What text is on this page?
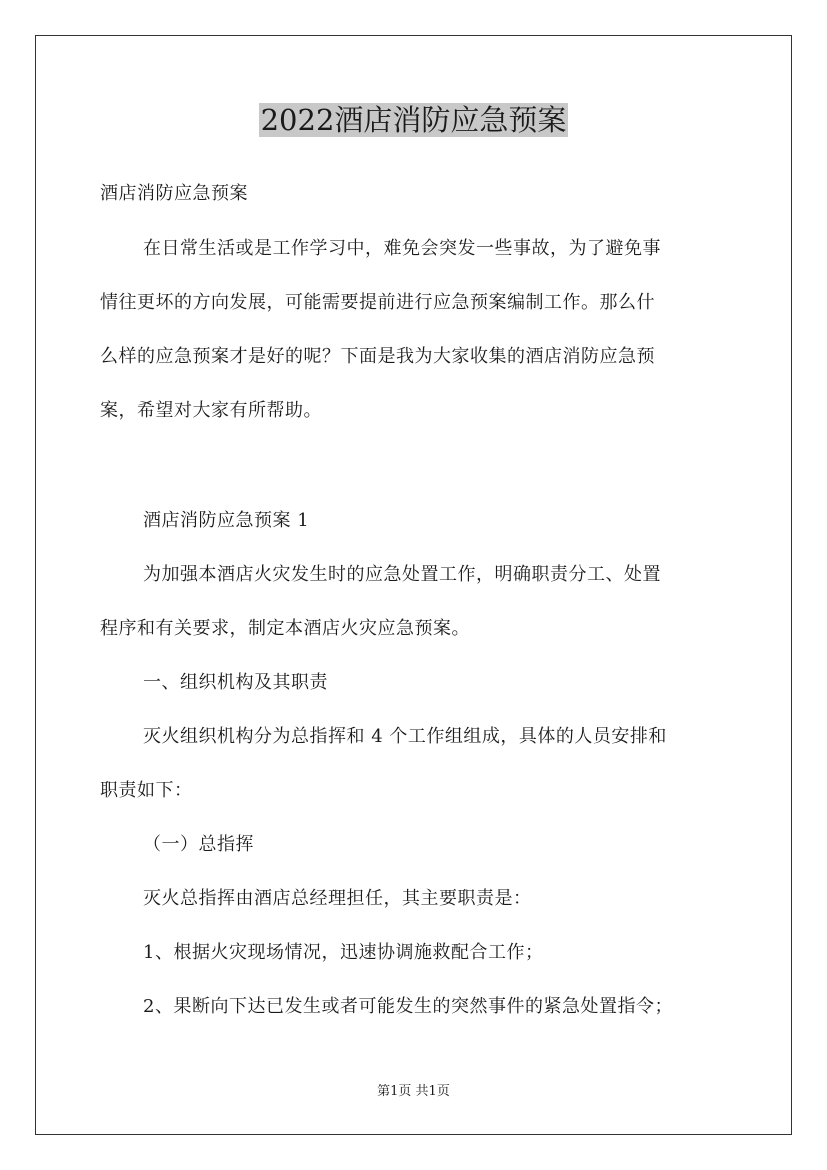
2022酒店消防应急预案
酒店消防应急预案
在日常生活或是工作学习中，难免会突发一些事故，为了避免事
情往更坏的方向发展，可能需要提前进行应急预案编制工作。那么什
么样的应急预案才是好的呢？下面是我为大家收集的酒店消防应急预
案，希望对大家有所帮助。
酒店消防应急预案 1
为加强本酒店火灾发生时的应急处置工作，明确职责分工、处置
程序和有关要求，制定本酒店火灾应急预案。
一、组织机构及其职责
灭火组织机构分为总指挥和 4 个工作组组成，具体的人员安排和
职责如下：
（一）总指挥
灭火总指挥由酒店总经理担任，其主要职责是：
1、根据火灾现场情况，迅速协调施救配合工作；
2、果断向下达已发生或者可能发生的突然事件的紧急处置指令；
第1页 共1页
